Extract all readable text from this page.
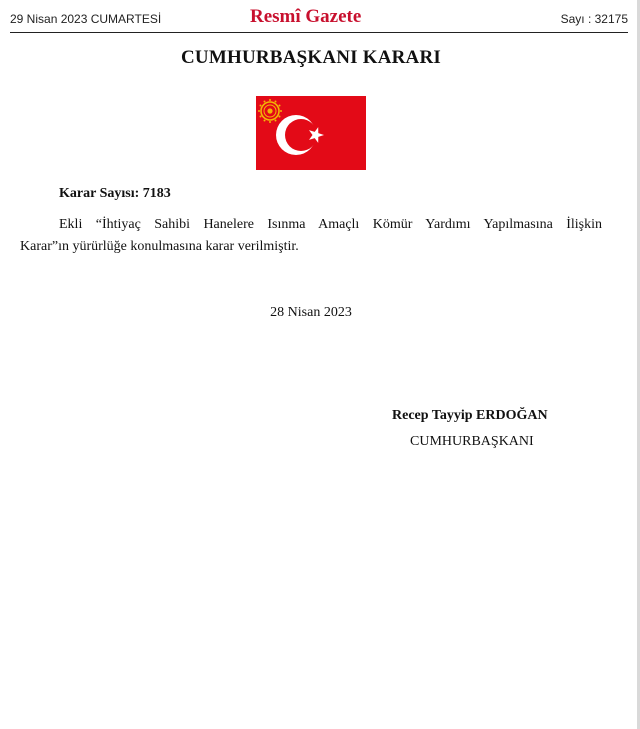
29 Nisan 2023 CUMARTESİ	Resmî Gazete	Sayı : 32175
CUMHURBAŞKANI KARARI
Karar Sayısı: 7183
Ekli “İhtiyaç Sahibi Hanelere Isınma Amaçlı Kömür Yardımı Yapılmasına İlişkin
Karar”ın yürürlüğe konulmasına karar verilmiştir.
28 Nisan 2023
Recep Tayyip ERDOĞAN
CUMHURBAŞKANI
